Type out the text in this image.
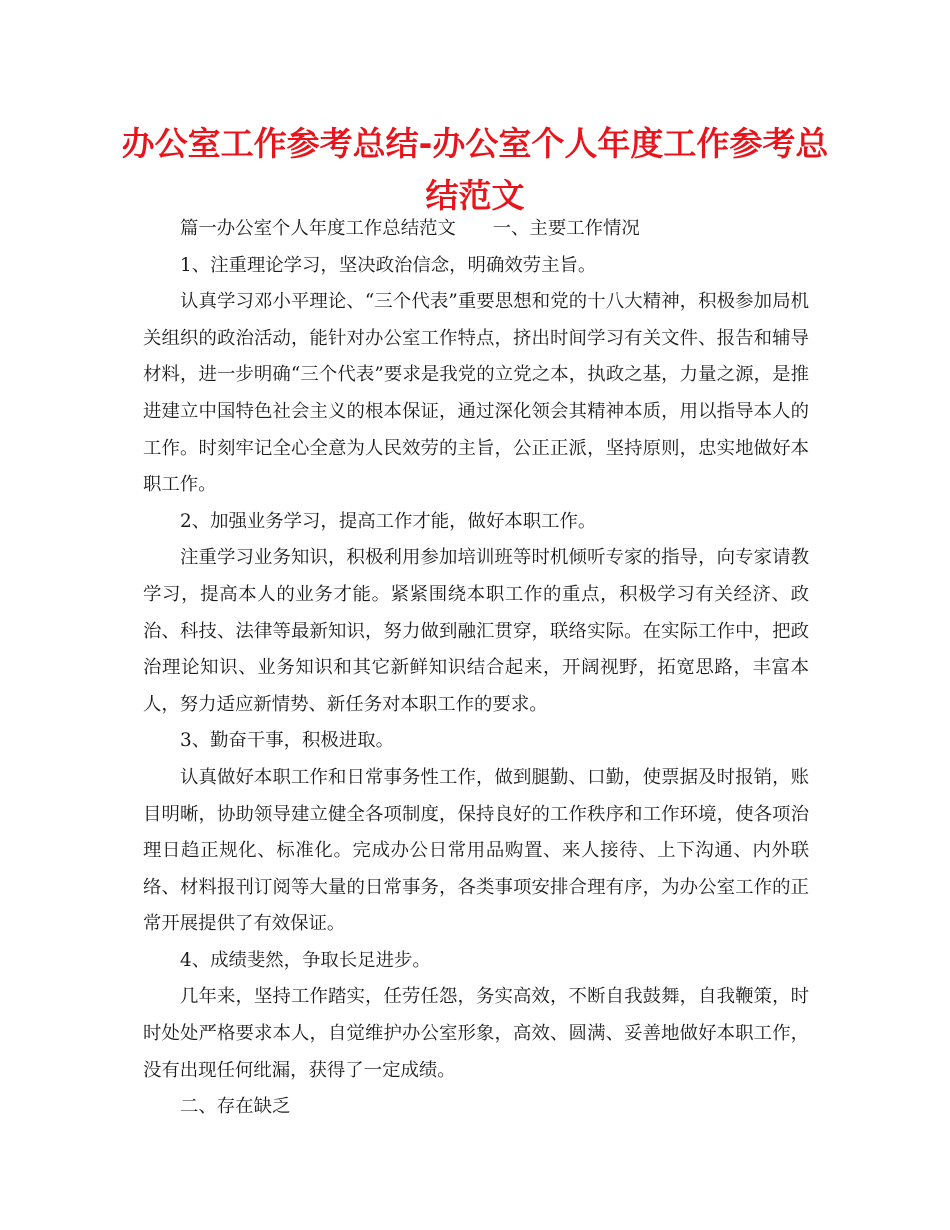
办公室工作参考总结-办公室个人年度工作参考总结范文

篇一办公室个人年度工作总结范文　　一、主要工作情况

1、注重理论学习，坚决政治信念，明确效劳主旨。

认真学习邓小平理论、“三个代表”重要思想和党的十八大精神，积极参加局机关组织的政治活动，能针对办公室工作特点，挤出时间学习有关文件、报告和辅导材料，进一步明确“三个代表”要求是我党的立党之本，执政之基，力量之源，是推进建立中国特色社会主义的根本保证，通过深化领会其精神本质，用以指导本人的工作。时刻牢记全心全意为人民效劳的主旨，公正正派，坚持原则，忠实地做好本职工作。

2、加强业务学习，提高工作才能，做好本职工作。

注重学习业务知识，积极利用参加培训班等时机倾听专家的指导，向专家请教学习，提高本人的业务才能。紧紧围绕本职工作的重点，积极学习有关经济、政治、科技、法律等最新知识，努力做到融汇贯穿，联络实际。在实际工作中，把政治理论知识、业务知识和其它新鲜知识结合起来，开阔视野，拓宽思路，丰富本人，努力适应新情势、新任务对本职工作的要求。

3、勤奋干事，积极进取。

认真做好本职工作和日常事务性工作，做到腿勤、口勤，使票据及时报销，账目明晰，协助领导建立健全各项制度，保持良好的工作秩序和工作环境，使各项治理日趋正规化、标准化。完成办公日常用品购置、来人接待、上下沟通、内外联络、材料报刊订阅等大量的日常事务，各类事项安排合理有序，为办公室工作的正常开展提供了有效保证。

4、成绩斐然，争取长足进步。

几年来，坚持工作踏实，任劳任怨，务实高效，不断自我鼓舞，自我鞭策，时时处处严格要求本人，自觉维护办公室形象，高效、圆满、妥善地做好本职工作，没有出现任何纰漏，获得了一定成绩。

二、存在缺乏
